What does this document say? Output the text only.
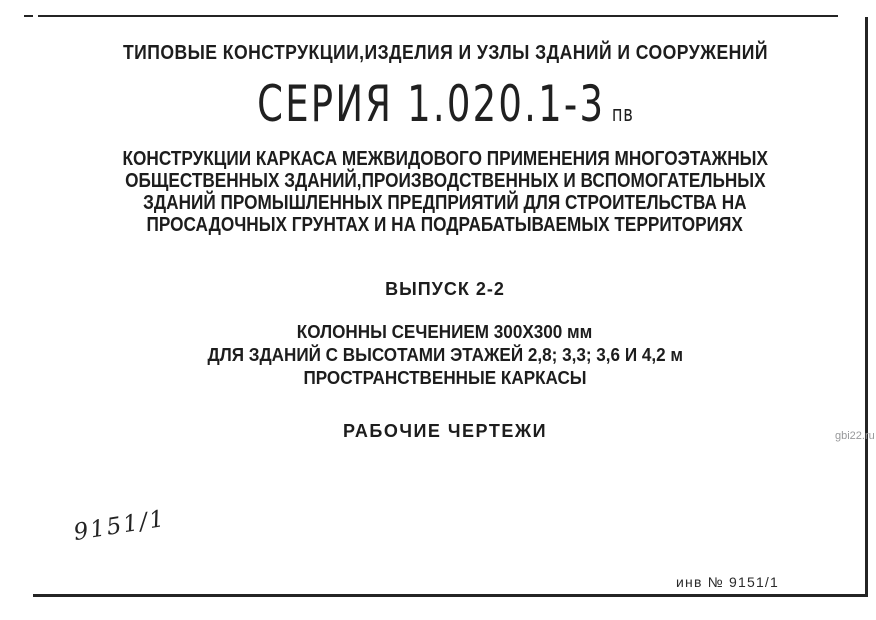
ТИПОВЫЕ КОНСТРУКЦИИ,ИЗДЕЛИЯ И УЗЛЫ ЗДАНИЙ И СООРУЖЕНИЙ
СЕРИЯ 1.020.1-3 пв
КОНСТРУКЦИИ КАРКАСА МЕЖВИДОВОГО ПРИМЕНЕНИЯ МНОГОЭТАЖНЫХ
ОБЩЕСТВЕННЫХ ЗДАНИЙ,ПРОИЗВОДСТВЕННЫХ И ВСПОМОГАТЕЛЬНЫХ
ЗДАНИЙ ПРОМЫШЛЕННЫХ ПРЕДПРИЯТИЙ ДЛЯ СТРОИТЕЛЬСТВА НА
ПРОСАДОЧНЫХ ГРУНТАХ И НА ПОДРАБАТЫВАЕМЫХ ТЕРРИТОРИЯХ
ВЫПУСК 2-2
КОЛОННЫ СЕЧЕНИЕМ 300X300 мм
ДЛЯ ЗДАНИЙ С ВЫСОТАМИ ЭТАЖЕЙ 2,8; 3,3; 3,6 И 4,2 м
ПРОСТРАНСТВЕННЫЕ КАРКАСЫ
РАБОЧИЕ ЧЕРТЕЖИ
9151/1
инв № 9151/1
gbi22.ru
